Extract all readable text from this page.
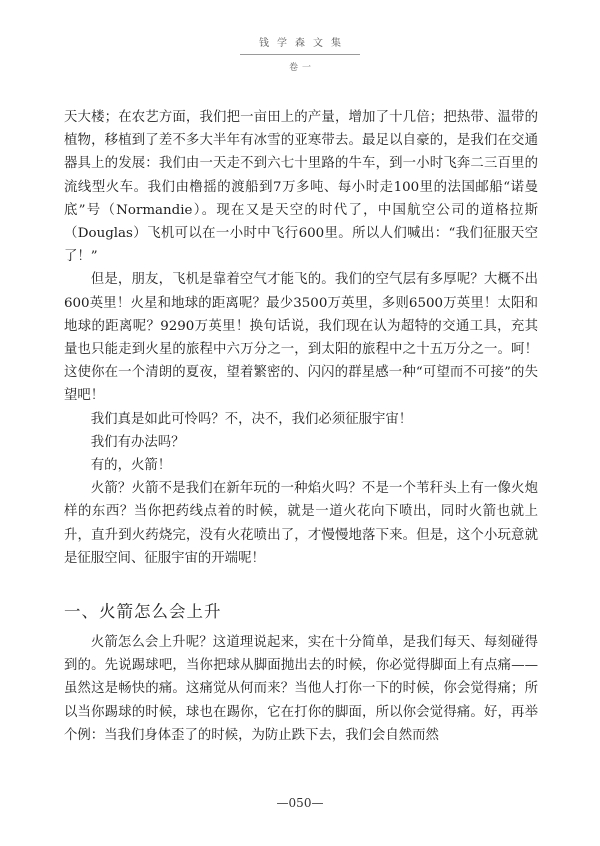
钱学森文集
卷一

天大楼；在农艺方面，我们把一亩田上的产量，增加了十几倍；把热带、温带的植物，移植到了差不多大半年有冰雪的亚寒带去。最足以自豪的，是我们在交通器具上的发展：我们由一天走不到六七十里路的牛车，到一小时飞奔二三百里的流线型火车。我们由橹摇的渡船到7万多吨、每小时走100里的法国邮船“诺曼底”号（Normandie）。现在又是天空的时代了，中国航空公司的道格拉斯（Douglas）飞机可以在一小时中飞行600里。所以人们喊出：“我们征服天空了！”

但是，朋友，飞机是靠着空气才能飞的。我们的空气层有多厚呢？大概不出600英里！火星和地球的距离呢？最少3500万英里，多则6500万英里！太阳和地球的距离呢？9290万英里！换句话说，我们现在认为超特的交通工具，充其量也只能走到火星的旅程中六万分之一，到太阳的旅程中之十五万分之一。呵！这使你在一个清朗的夏夜，望着繁密的、闪闪的群星感一种“可望而不可接”的失望吧！

我们真是如此可怜吗？不，决不，我们必须征服宇宙！

我们有办法吗？

有的，火箭！

火箭？火箭不是我们在新年玩的一种焰火吗？不是一个苇秆头上有一像火炮样的东西？当你把药线点着的时候，就是一道火花向下喷出，同时火箭也就上升，直升到火药烧完，没有火花喷出了，才慢慢地落下来。但是，这个小玩意就是征服空间、征服宇宙的开端呢！

一、火箭怎么会上升

火箭怎么会上升呢？这道理说起来，实在十分简单，是我们每天、每刻碰得到的。先说踢球吧，当你把球从脚面抛出去的时候，你必觉得脚面上有点痛——虽然这是畅快的痛。这痛觉从何而来？当他人打你一下的时候，你会觉得痛；所以当你踢球的时候，球也在踢你，它在打你的脚面，所以你会觉得痛。好，再举个例：当我们身体歪了的时候，为防止跌下去，我们会自然而然

—050—
